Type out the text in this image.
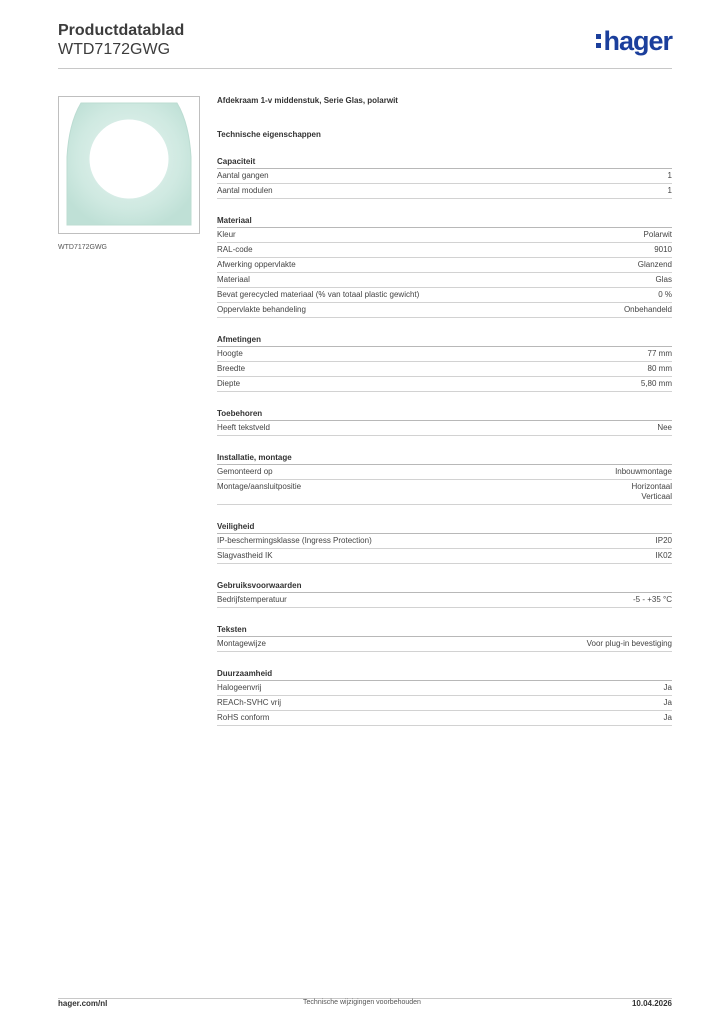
Productdatablad
WTD7172GWG	hager
WTD7172GWG
Afdekraam 1-v middenstuk, Serie Glas, polarwit
Technische eigenschappen
Capaciteit
Aantal gangen	1
Aantal modulen	1
Materiaal
Kleur	Polarwit
RAL-code	9010
Afwerking oppervlakte	Glanzend
Materiaal	Glas
Bevat gerecycled materiaal (% van totaal plastic gewicht)	0 %
Oppervlakte behandeling	Onbehandeld
Afmetingen
Hoogte	77 mm
Breedte	80 mm
Diepte	5,80 mm
Toebehoren
Heeft tekstveld	Nee
Installatie, montage
Gemonteerd op	Inbouwmontage
Montage/aansluitpositie	Horizontaal
Verticaal
Veiligheid
IP-beschermingsklasse (Ingress Protection)	IP20
Slagvastheid IK	IK02
Gebruiksvoorwaarden
Bedrijfstemperatuur	-5 - +35 °C
Teksten
Montagewijze	Voor plug-in bevestiging
Duurzaamheid
Halogeenvrij	Ja
REACh-SVHC vrij	Ja
RoHS conform	Ja
hager.com/nl	Technische wijzigingen voorbehouden	10.04.2026
